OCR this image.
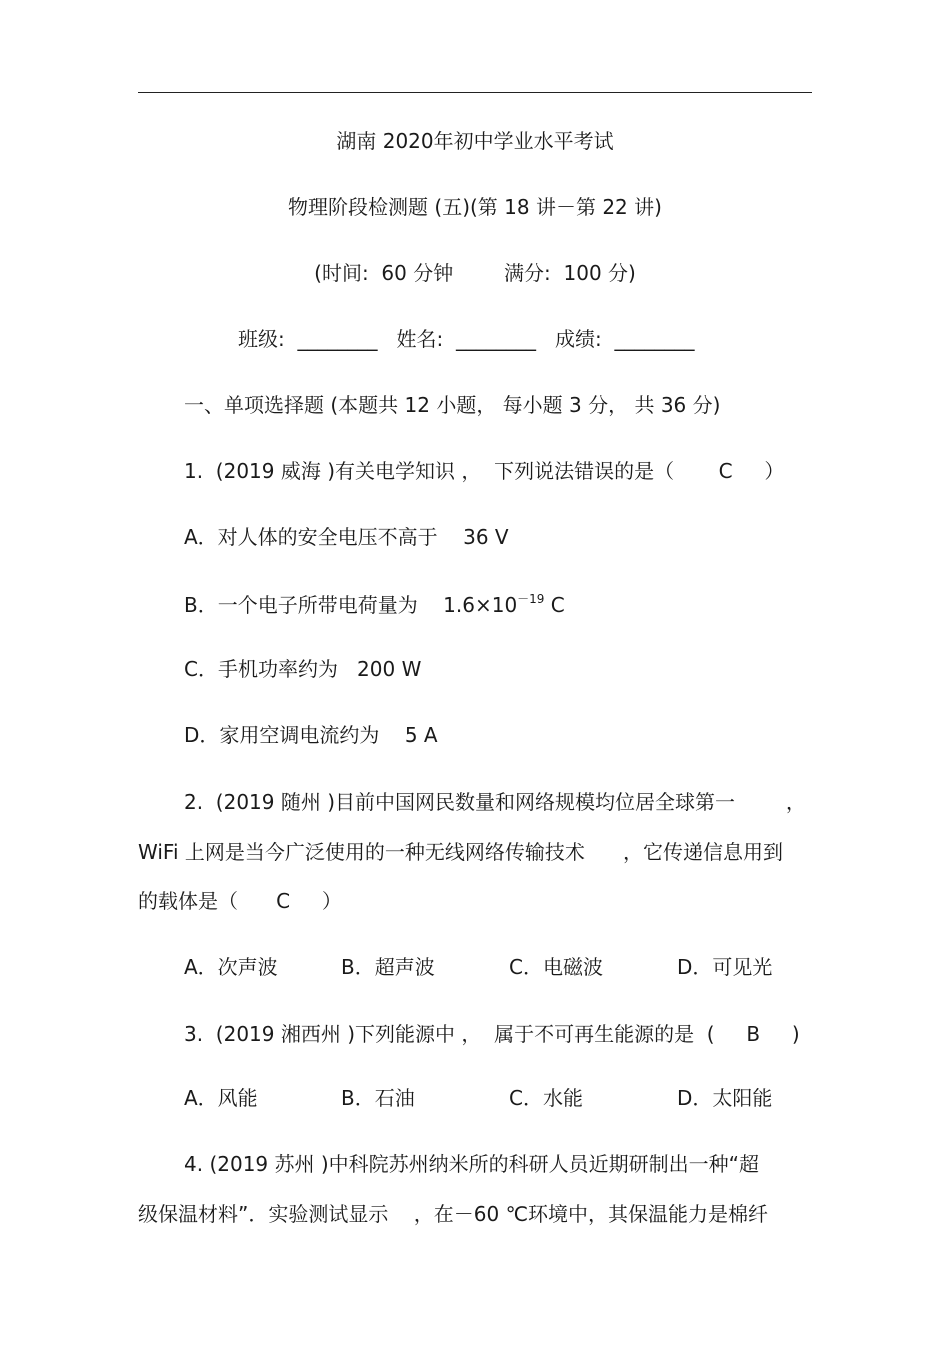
湖南 2020年初中学业水平考试
物理阶段检测题 (五)(第 18 讲－第 22 讲)
(时间:  60 分钟        满分:  100 分)
班级:  ________   姓名:  ________   成绩:  ________
一、单项选择题 (本题共 12 小题， 每小题 3 分， 共 36 分)
1.  (2019 威海 )有关电学知识 ，  下列说法错误的是（       C     ）
A．对人体的安全电压不高于    36 V
B．一个电子所带电荷量为    $1.6\times 10^{-19}$ C
C．手机功率约为   200 W
D．家用空调电流约为    5 A
2.  (2019 随州 )目前中国网民数量和网络规模均位居全球第一        ，
WiFi 上网是当今广泛使用的一种无线网络传输技术      ，它传递信息用到
的载体是（      C     ）
A．次声波	B．超声波	C．电磁波	D．可见光
3.  (2019 湘西州 )下列能源中 ，  属于不可再生能源的是  (     B     )
A．风能	B．石油	C．水能	D．太阳能
4. (2019 苏州 )中科院苏州纳米所的科研人员近期研制出一种“超
级保温材料”．实验测试显示    ，在－60 ℃环境中，其保温能力是棉纤
